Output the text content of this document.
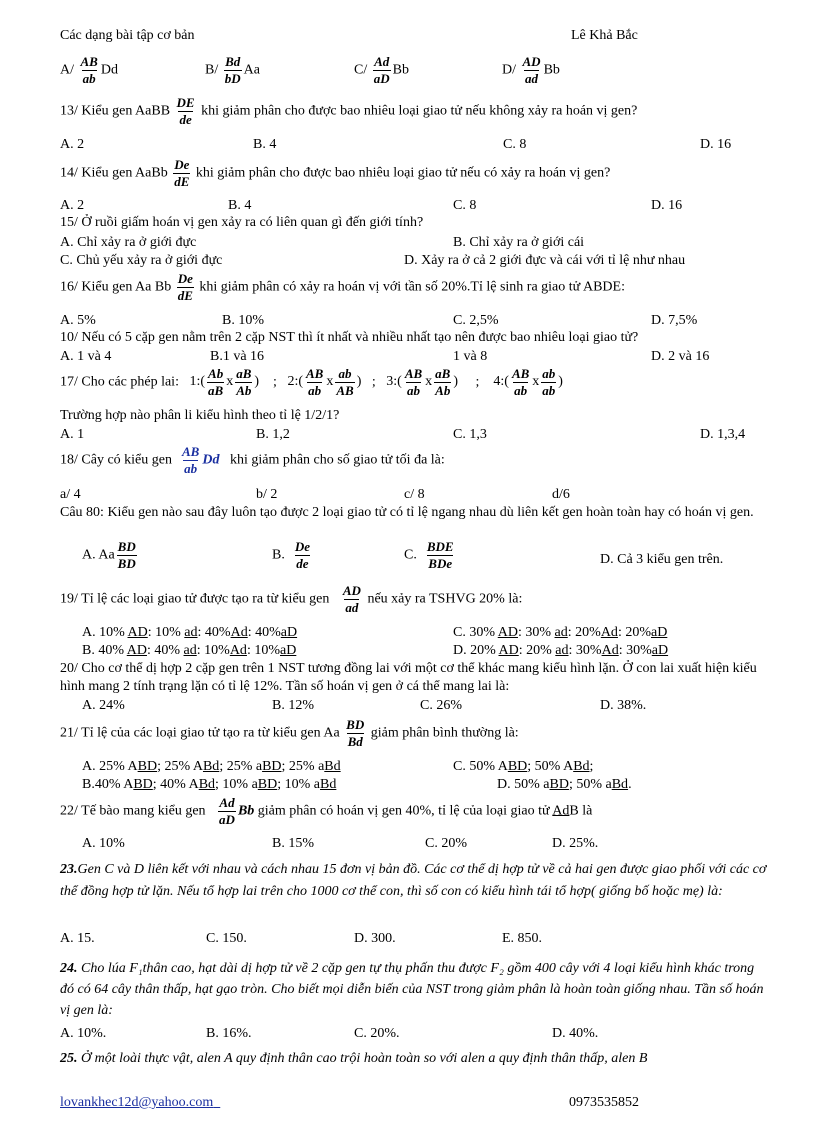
Các dạng bài tập cơ bản	Lê Khả Bắc
$A/ \frac{AB}{ab}$ Dd	$B/ \frac{Bd}{bD}$ Aa	$C/ \frac{Ad}{aD}$ Bb	$D/ \frac{AD}{ad}$ Bb
13/ Kiểu gen AaBB $\frac{DE}{de}$ khi giảm phân cho được bao nhiêu loại giao tử nếu không xảy ra hoán vị gen?
A. 2	B. 4	C. 8	D. 16
14/ Kiểu gen AaBb $\frac{De}{dE}$ khi giảm phân cho được bao nhiêu loại giao tử nếu có xảy ra hoán vị gen?
A. 2	B. 4	C. 8	D. 16
15/ Ở ruồi giấm hoán vị gen xảy ra có liên quan gì đến giới tính?
A. Chỉ xảy ra ở giới đực	B. Chỉ xảy ra ở giới cái
C. Chủ yếu xảy ra ở giới đực	D. Xảy ra ở cả 2 giới đực và cái với tỉ lệ như nhau
16/ Kiểu gen Aa Bb $\frac{De}{dE}$ khi giảm phân có xảy ra hoán vị với tần số 20%.Tỉ lệ sinh ra giao tử ABDE:
A. 5%	B. 10%	C. 2,5%	D. 7,5%
10/ Nếu có 5 cặp gen nằm trên 2 cặp NST thì ít nhất và nhiều nhất tạo nên được bao nhiêu loại giao tử?
A. 1 và 4	B.1 và 16	1 và 8	D. 2 và 16
17/ Cho các phép lai: 1:( $\frac{Ab}{aB}$ x $\frac{aB}{Ab}$ ) ; 2:( $\frac{AB}{ab}$ x $\frac{ab}{AB}$ ) ; 3:( $\frac{AB}{ab}$ x $\frac{aB}{Ab}$ ) ; 4:( $\frac{AB}{ab}$ x $\frac{ab}{ab}$ )
Trường hợp nào phân li kiểu hình theo tỉ lệ 1/2/1?
A. 1	B. 1,2	C. 1,3	D. 1,3,4
18/ Cây có kiểu gen $\frac{AB}{ab}$ Dd khi giảm phân cho số giao tử tối đa là:
a/ 4	b/ 2	c/ 8	d/6
Câu 80: Kiểu gen nào sau đây luôn tạo được 2 loại giao tử có tỉ lệ ngang nhau dù liên kết gen hoàn toàn hay có hoán vị gen.
A. Aa $\frac{BD}{BD}$	B. $\frac{De}{de}$	C. $\frac{\text{BDE}}{\text{BDe}}$	D. Cả 3 kiểu gen trên.
19/ Tỉ lệ các loại giao tử được tạo ra từ kiểu gen $\frac{AD}{ad}$ nếu xảy ra TSHVG 20% là:
A. 10% AD: 10% ad: 40%Ad: 40%aD	C. 30% AD: 30% ad: 20%Ad: 20%aD
B. 40% AD: 40% ad: 10%Ad: 10%aD	D. 20% AD: 20% ad: 30%Ad: 30%aD
20/ Cho cơ thể dị hợp 2 cặp gen trên 1 NST tương đồng lai với một cơ thể khác mang kiểu hình lặn. Ở con lai xuất hiện kiểu hình mang 2 tính trạng lặn có tỉ lệ 12%. Tần số hoán vị gen ở cá thể mang lai là:
A. 24%	B. 12%	C. 26%	D. 38%.
21/ Tỉ lệ của các loại giao tử tạo ra từ kiểu gen Aa $\frac{BD}{Bd}$ giảm phân bình thường là:
A. 25% ABD; 25% ABd; 25% aBD; 25% aBd	C. 50% ABD; 50% ABd;
B.40% ABD; 40% ABd; 10% aBD; 10% aBd	D. 50% aBD; 50% aBd.
22/ Tế bào mang kiểu gen $\frac{Ad}{aD}$ Bb giảm phân có hoán vị gen 40%, tỉ lệ của loại giao tử AdB là
A. 10%	B. 15%	C. 20%	D. 25%.
23.Gen C và D liên kết với nhau và cách nhau 15 đơn vị bản đồ. Các cơ thể dị hợp tử về cả hai gen được giao phối với các cơ thể đồng hợp tử lặn. Nếu tổ hợp lai trên cho 1000 cơ thể con, thì số con có kiểu hình tái tổ hợp( giống bố hoặc mẹ) là:
A. 15.	C. 150.	D. 300.	E. 850.
24. Cho lúa F₁thân cao, hạt dài dị hợp tử về 2 cặp gen tự thụ phấn thu được F₂ gồm 400 cây với 4 loại kiểu hình khác trong đó có 64 cây thân thấp, hạt gạo tròn. Cho biết mọi diễn biến của NST trong giảm phân là hoàn toàn giống nhau. Tần số hoán vị gen là:
A. 10%.	B. 16%.	C. 20%.	D. 40%.
25. Ở một loài thực vật, alen A quy định thân cao trội hoàn toàn so với alen a quy định thân thấp, alen B
lovankhec12d@yahoo.com	0973535852
